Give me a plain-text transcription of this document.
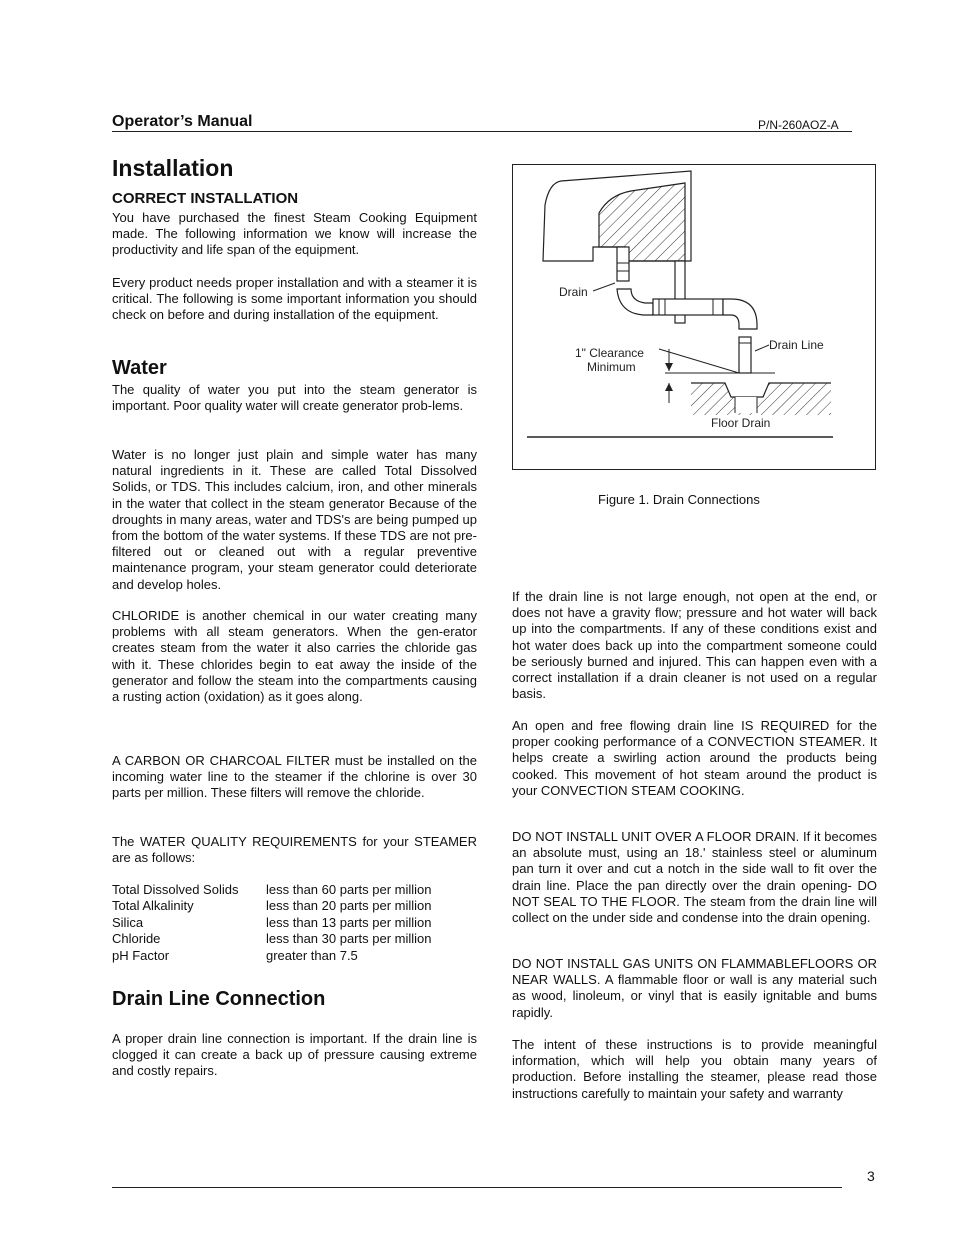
Operator’s Manual	P/N-260AOZ-A
Installation
CORRECT INSTALLATION
You have purchased the finest Steam Cooking Equipment made. The following information we know will increase the productivity and life span of the equipment.
Every product needs proper installation and with a steamer it is critical. The following is some important information you should check on before and during installation of the equipment.
Water
The quality of water you put into the steam generator is important. Poor quality water will create generator prob-lems.
Water is no longer just plain and simple water has many natural ingredients in it. These are called Total Dissolved Solids, or TDS. This includes calcium, iron, and other minerals in the water that collect in the steam generator Because of the droughts in many areas, water and TDS's are being pumped up from the bottom of the water systems. If these TDS are not pre-filtered out or cleaned out with a regular preventive maintenance program, your steam generator could deteriorate and develop holes.
CHLORIDE is another chemical in our water creating many problems with all steam generators. When the gen-erator creates steam from the water it also carries the chloride gas with it. These chlorides begin to eat away the inside of the generator and follow the steam into the compartments causing a rusting action (oxidation) as it goes along.
A CARBON OR CHARCOAL FILTER must be installed on the incoming water line to the steamer if the chlorine is over 30 parts per million. These filters will remove the chloride.
The WATER QUALITY REQUIREMENTS for your STEAMER are as follows:
Total Dissolved Solids	less than 60 parts per million
Total Alkalinity	less than 20 parts per million
Silica	less than 13 parts per million
Chloride	less than 30 parts per million
pH Factor	greater than 7.5
Drain Line Connection
A proper drain line connection is important. If the drain line is clogged it can create a back up of pressure causing extreme and costly repairs.
Drain
Drain Line
1" Clearance
Minimum
Floor Drain
Figure 1. Drain Connections
If the drain line is not large enough, not open at the end, or does not have a gravity flow; pressure and hot water will back up into the compartments. If any of these conditions exist and hot water does back up into the compartment someone could be seriously burned and injured. This can happen even with a correct installation if a drain cleaner is not used on a regular basis.
An open and free flowing drain line IS REQUIRED for the proper cooking performance of a CONVECTION STEAMER. It helps create a swirling action around the products being cooked. This movement of hot steam around the product is your CONVECTION STEAM COOKING.
DO NOT INSTALL UNIT OVER A FLOOR DRAIN. If it becomes an absolute must, using an 18.' stainless steel or aluminum pan turn it over and cut a notch in the side wall to fit over the drain line. Place the pan directly over the drain opening- DO NOT SEAL TO THE FLOOR. The steam from the drain line will collect on the under side and condense into the drain opening.
DO NOT INSTALL GAS UNITS ON FLAMMABLEFLOORS OR NEAR WALLS. A flammable floor or wall is any material such as wood, linoleum, or vinyl that is easily ignitable and bums rapidly.
The intent of these instructions is to provide meaningful information, which will help you obtain many years of production. Before installing the steamer, please read those instructions carefully to maintain your safety and warranty
3
